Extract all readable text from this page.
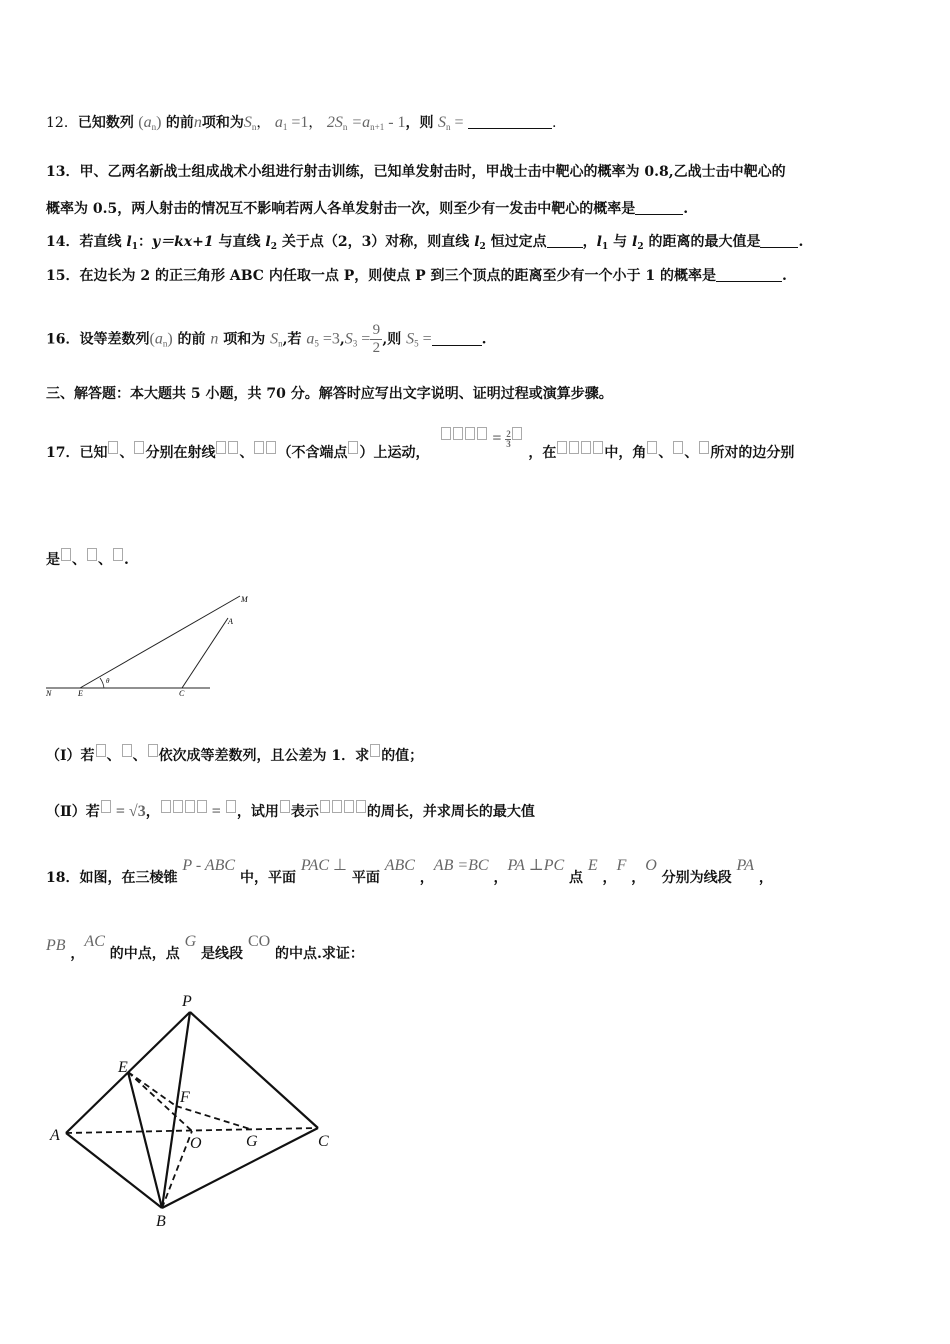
12．已知数列 $(a_n)$ 的前n项和为$S_n$， $a_1 =1$， $2S_n =a_{n+1} - 1$，则 $S_n$ =	.
13．甲、乙两名新战士组成战术小组进行射击训练，已知单发射击时，甲战士击中靶心的概率为 0.8,乙战士击中靶心的
概率为 0.5，两人射击的情况互不影响若两人各单发射击一次，则至少有一发击中靶心的概率是	.
14．若直线 $l_1$：y＝kx+1 与直线 $l_2$ 关于点（2，3）对称，则直线 $l_2$ 恒过定点	，$l_1$ 与 $l_2$ 的距离的最大值是	.
15．在边长为 2 的正三角形 ABC 内任取一点 P，则使点 P 到三个顶点的距离至少有一个小于 1 的概率是	.
16．设等差数列$(a_n)$ 的前 n 项和为 $S_n$,若 $a_5 =3,S_3 = \frac{9}{2}$ ,则 $S_5$ =	.
三、解答题：本大题共 5 小题，共 70 分。解答时应写出文字说明、证明过程或演算步骤。
17．已知 、 分别在射线 、 （不含端点 ）上运动，  = $\frac{2}{3}$
，在	中，角 、 、 所对的边分别
是 、 、 .
M
A
N	E
θ
C
（Ⅰ）若 、 、 依次成等差数列，且公差为 1．求 的值；
（Ⅱ）若 = √3，	= ，试用 表示	的周长，并求周长的最大值
18．如图，在三棱锥 P - ABC 中，平面 PAC ⊥ 平面 ABC ，AB =BC ，PA ⊥PC 点 E ，F ，O 分别为线段 PA ，
PB ，AC 的中点，点 G 是线段 CO 的中点.求证：
P
E
F
A	O	G	C
B
